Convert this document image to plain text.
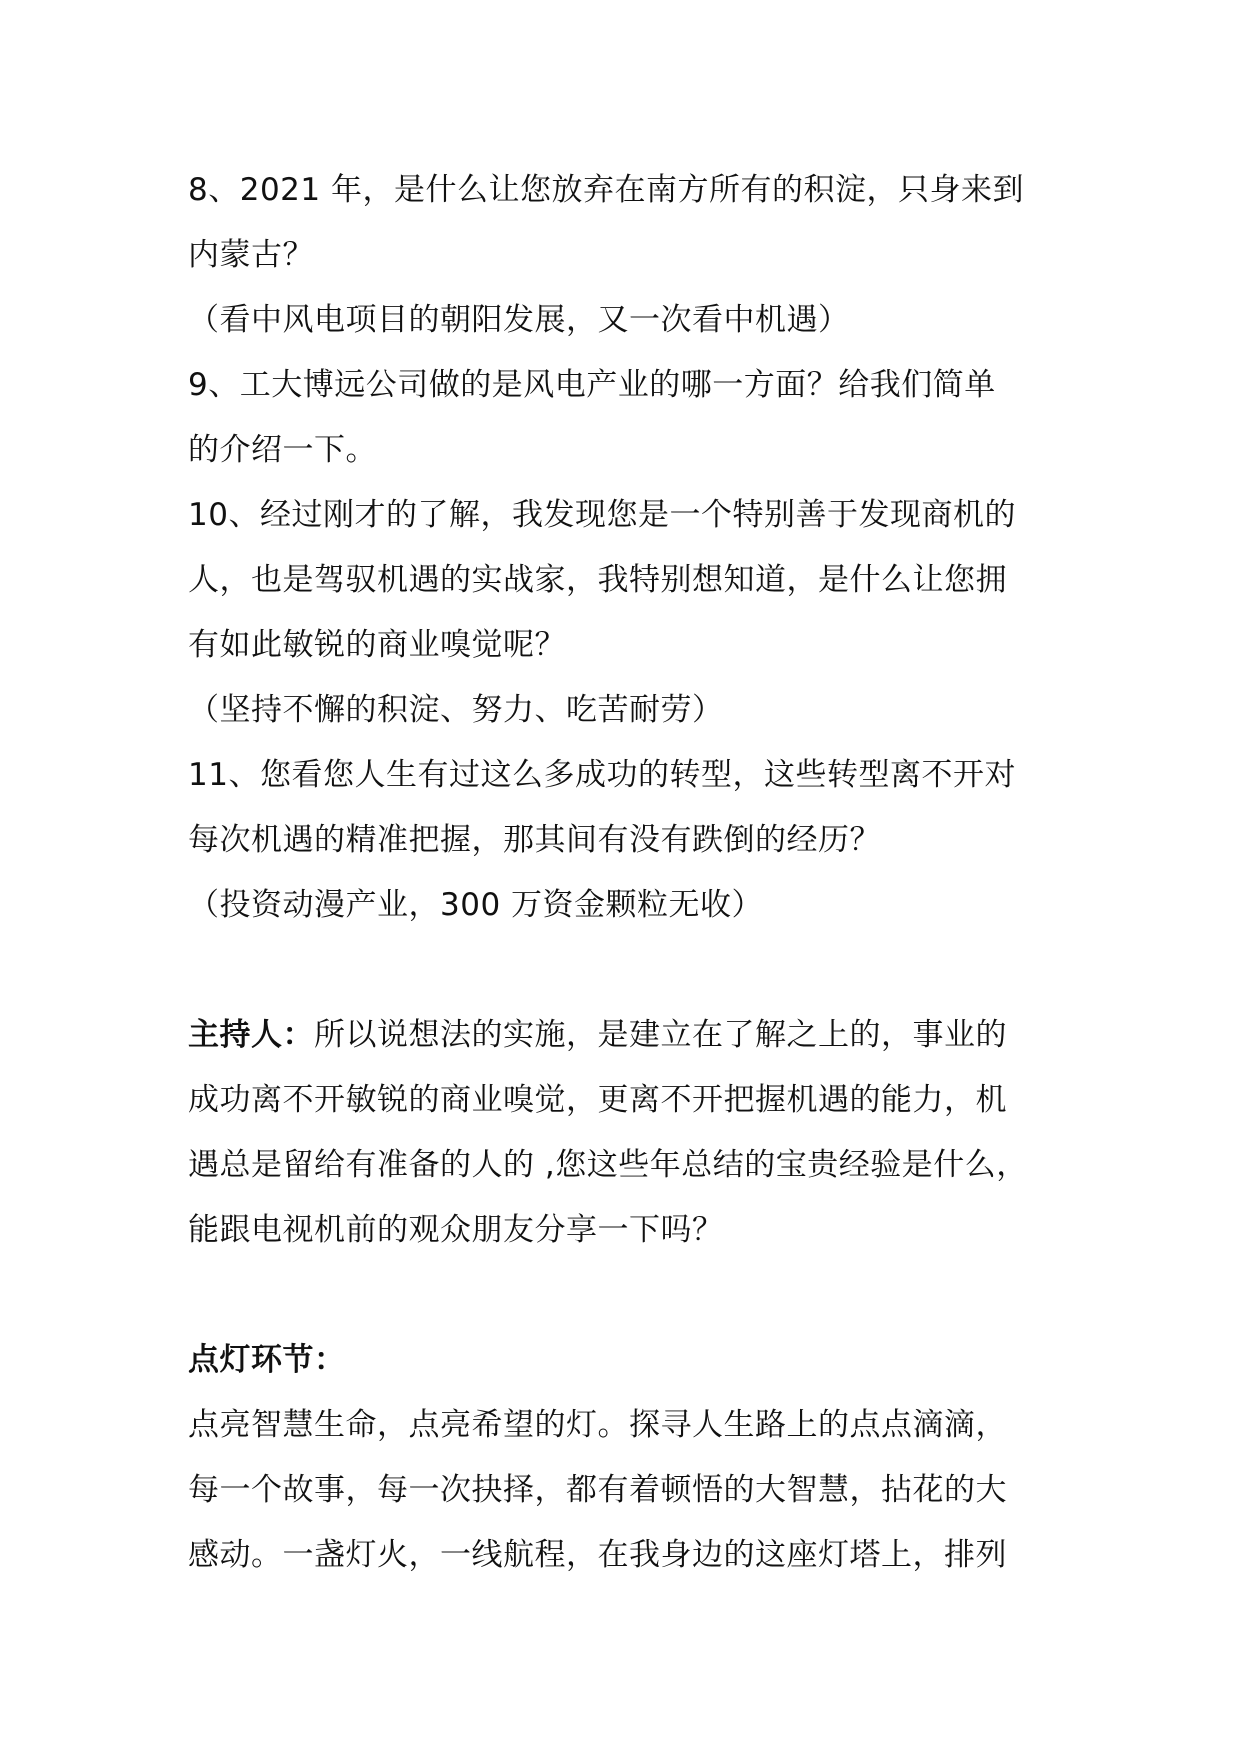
8、2021 年，是什么让您放弃在南方所有的积淀，只身来到
内蒙古？
（看中风电项目的朝阳发展，又一次看中机遇）
9、工大博远公司做的是风电产业的哪一方面？给我们简单
的介绍一下。
10、经过刚才的了解，我发现您是一个特别善于发现商机的
人，也是驾驭机遇的实战家，我特别想知道，是什么让您拥
有如此敏锐的商业嗅觉呢？
（坚持不懈的积淀、努力、吃苦耐劳）
11、您看您人生有过这么多成功的转型，这些转型离不开对
每次机遇的精准把握，那其间有没有跌倒的经历？
（投资动漫产业，300 万资金颗粒无收）
主持人：所以说想法的实施，是建立在了解之上的，事业的
成功离不开敏锐的商业嗅觉，更离不开把握机遇的能力，机
遇总是留给有准备的人的 ,您这些年总结的宝贵经验是什么，
能跟电视机前的观众朋友分享一下吗？
点灯环节：
点亮智慧生命，点亮希望的灯。探寻人生路上的点点滴滴，
每一个故事，每一次抉择，都有着顿悟的大智慧，拈花的大
感动。一盏灯火，一线航程，在我身边的这座灯塔上，排列
